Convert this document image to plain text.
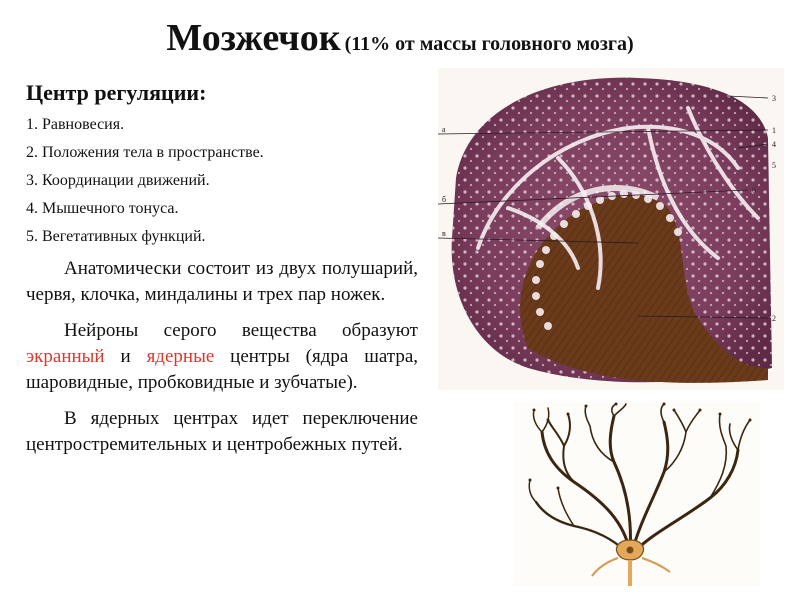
Мозжечок (11% от массы головного мозга)
Центр регуляции:
1. Равновесия.
2. Положения тела в пространстве.
3. Координации движений.
4. Мышечного тонуса.
5. Вегетативных функций.

Анатомически состоит из двух полушарий, червя, клочка, миндалины и трех пар ножек.

Нейроны серого вещества образуют экранный и ядерные центры (ядра шатра, шаровидные, пробковидные и зубчатые).

В ядерных центрах идет переключение центростремительных и центробежных путей.

а
б
в
1
2
3
4
5
6
